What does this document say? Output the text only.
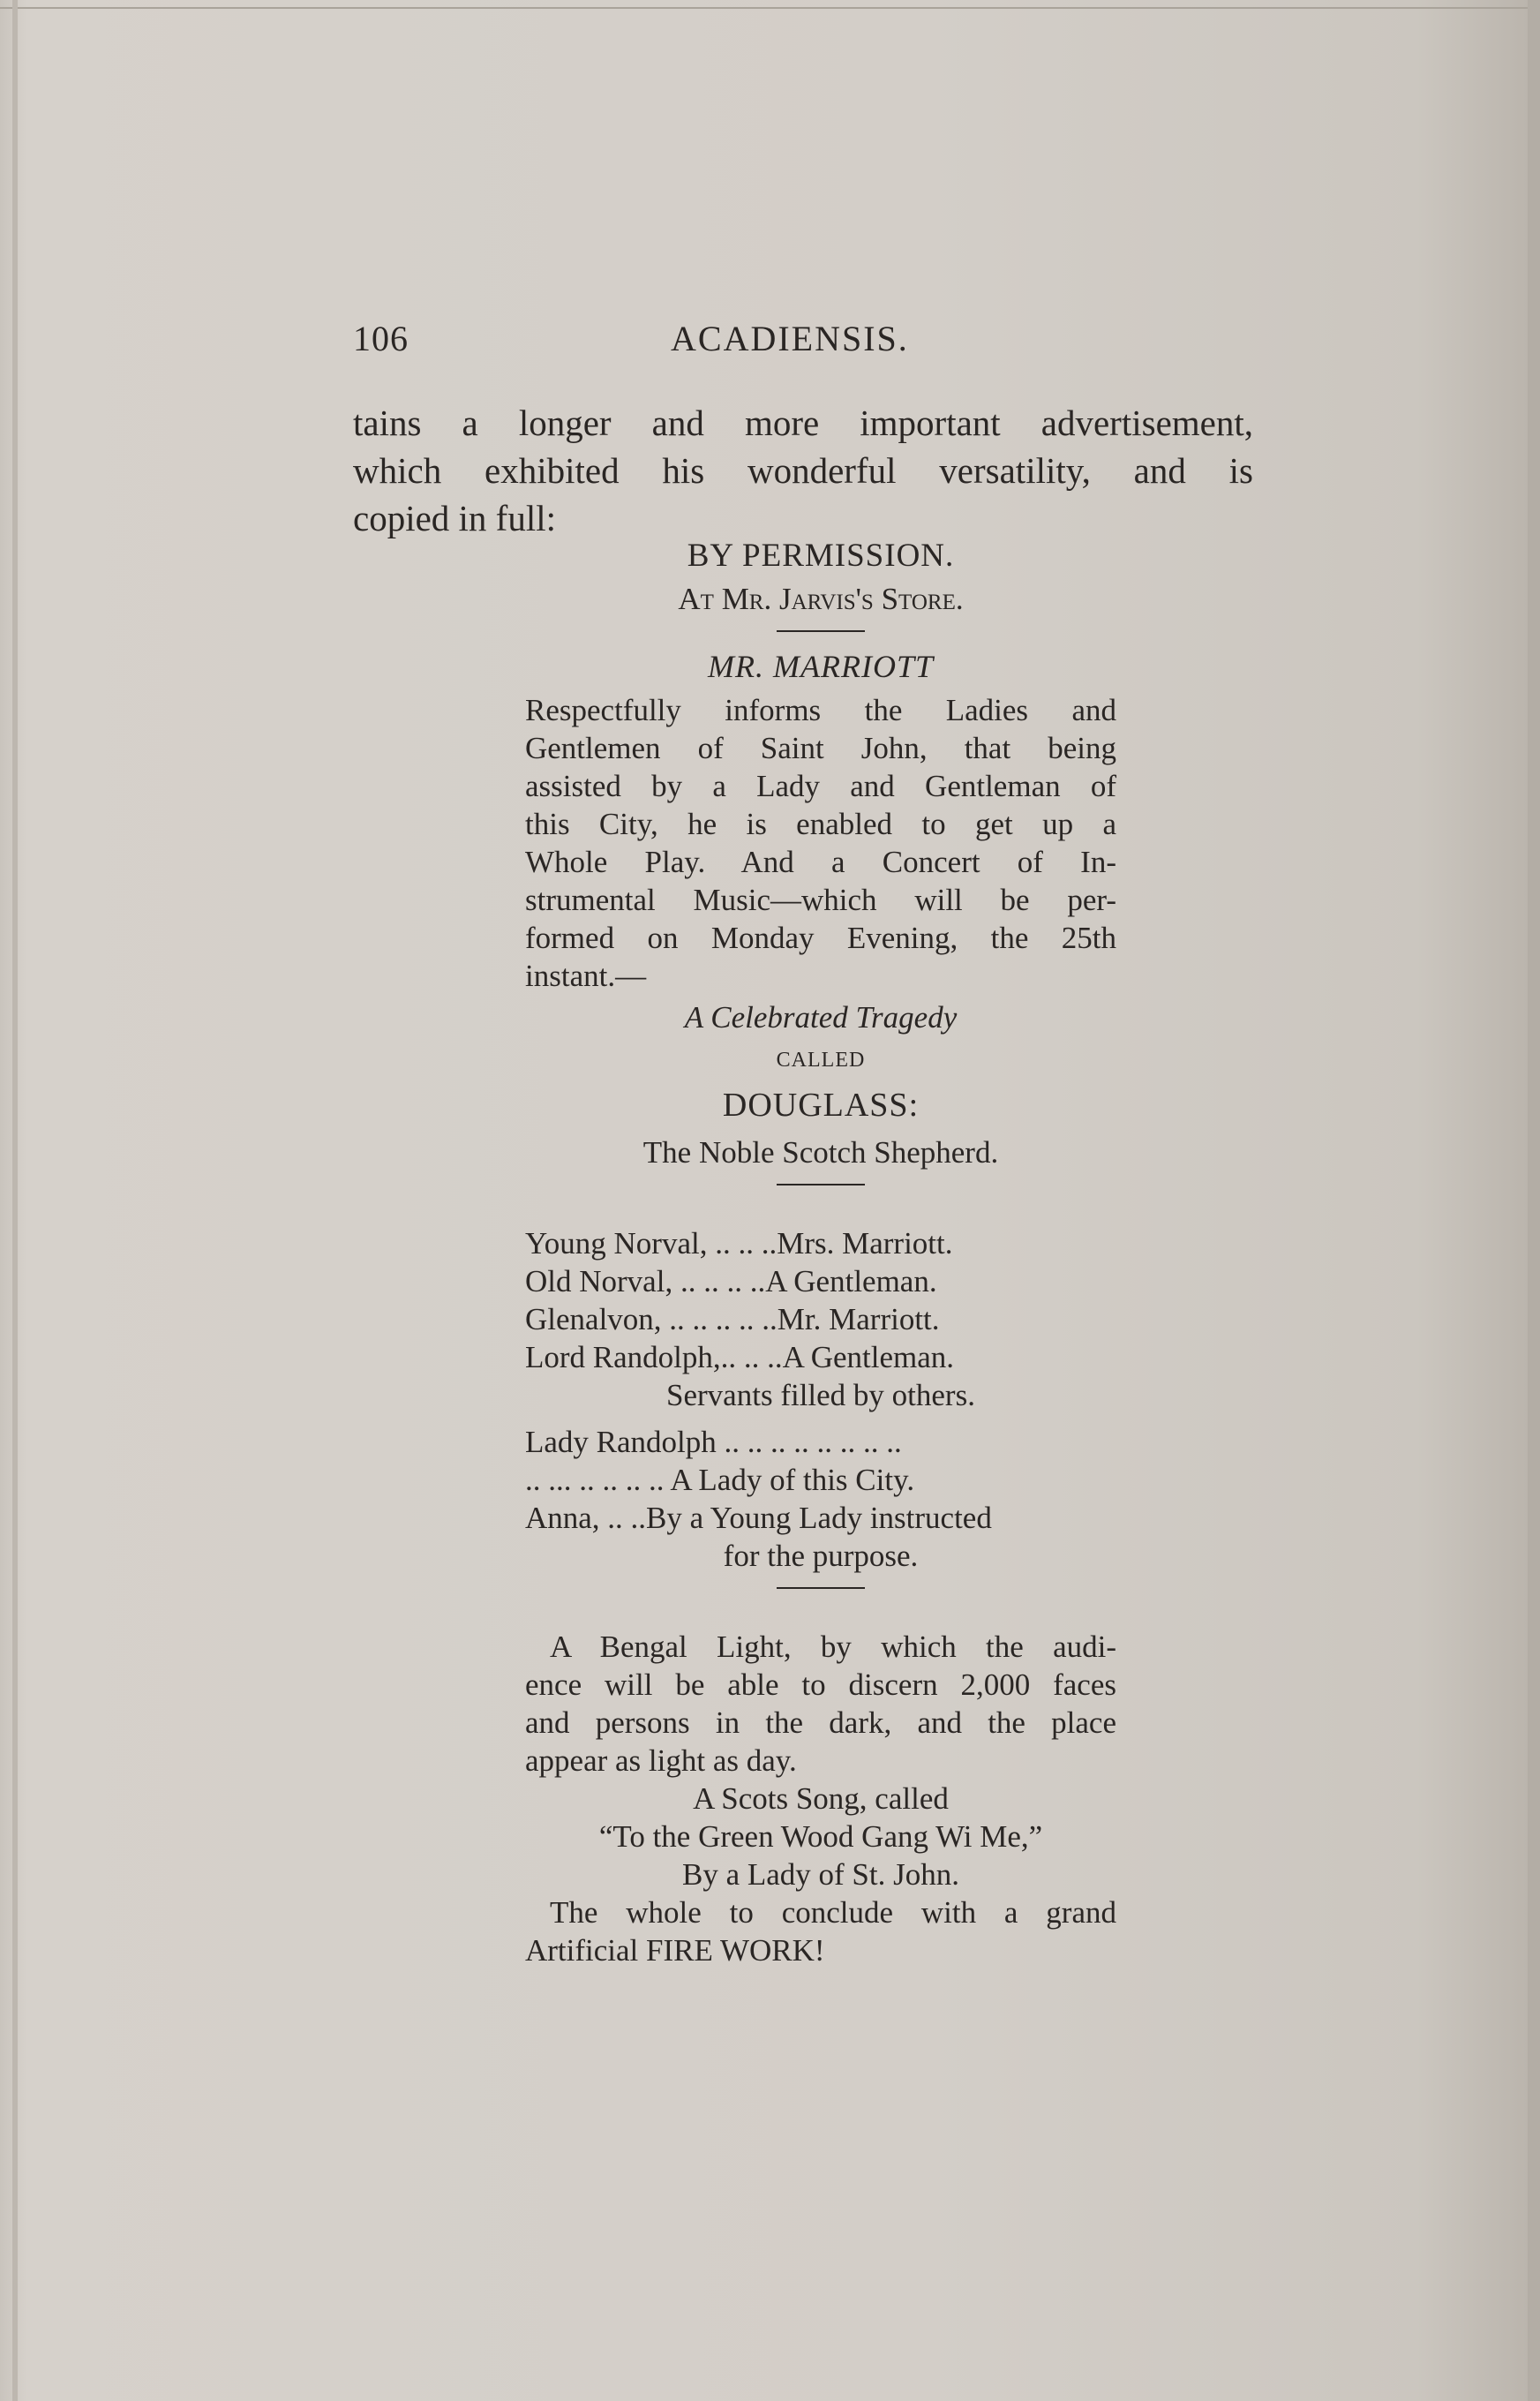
106	ACADIENSIS.

tains a longer and more important advertisement,

which exhibited his wonderful versatility, and is

copied in full:

BY PERMISSION.
At Mr. Jarvis's Store.
MR. MARRIOTT

Respectfully informs the Ladies and

Gentlemen of Saint John, that being

assisted by a Lady and Gentleman of

this City, he is enabled to get up a

Whole Play. And a Concert of In-

strumental Music—which will be per-

formed on Monday Evening, the 25th

instant.—

A Celebrated Tragedy
CALLED
DOUGLASS:
The Noble Scotch Shepherd.

Young Norval, .. .. ..Mrs. Marriott.

Old Norval, .. .. .. ..A Gentleman.

Glenalvon, .. .. .. .. ..Mr. Marriott.

Lord Randolph,.. .. ..A Gentleman.

Servants filled by others.

Lady Randolph .. .. .. .. .. .. .. ..

.. ... .. .. .. .. A Lady of this City.

Anna, .. ..By a Young Lady instructed

for the purpose.

A Bengal Light, by which the audi-

ence will be able to discern 2,000 faces

and persons in the dark, and the place

appear as light as day.

A Scots Song, called
“To the Green Wood Gang Wi Me,”
By a Lady of St. John.

The whole to conclude with a grand

Artificial FIRE WORK!
